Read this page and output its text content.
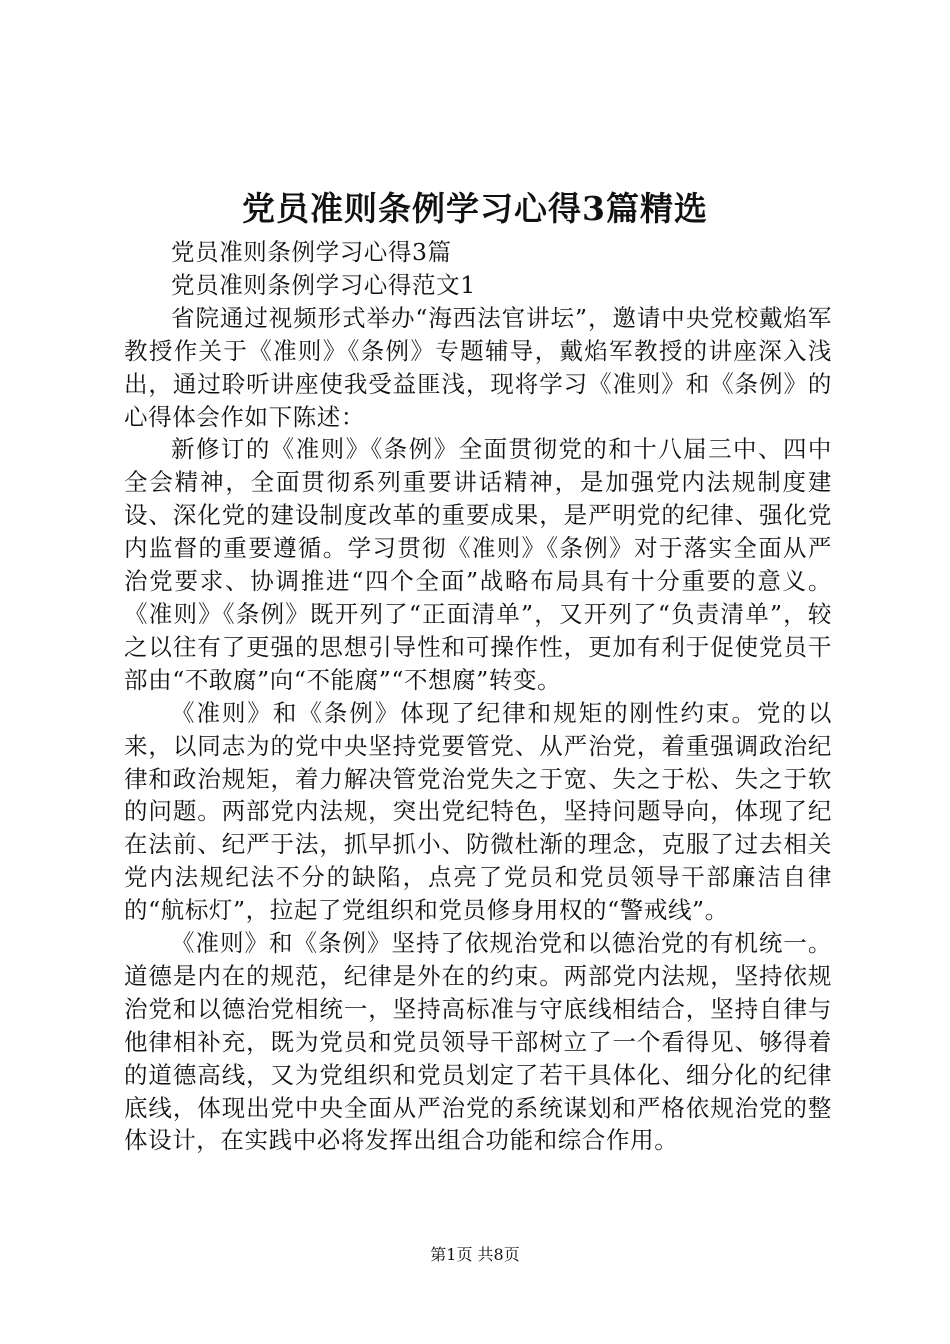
党员准则条例学习心得3篇精选

党员准则条例学习心得3篇

党员准则条例学习心得范文1

省院通过视频形式举办“海西法官讲坛”，邀请中央党校戴焰军教授作关于《准则》《条例》专题辅导，戴焰军教授的讲座深入浅出，通过聆听讲座使我受益匪浅，现将学习《准则》和《条例》的心得体会作如下陈述：

新修订的《准则》《条例》全面贯彻党的和十八届三中、四中全会精神，全面贯彻系列重要讲话精神，是加强党内法规制度建设、深化党的建设制度改革的重要成果，是严明党的纪律、强化党内监督的重要遵循。学习贯彻《准则》《条例》对于落实全面从严治党要求、协调推进“四个全面”战略布局具有十分重要的意义。《准则》《条例》既开列了“正面清单”，又开列了“负责清单”，较之以往有了更强的思想引导性和可操作性，更加有利于促使党员干部由“不敢腐”向“不能腐”“不想腐”转变。

《准则》和《条例》体现了纪律和规矩的刚性约束。党的以来，以同志为的党中央坚持党要管党、从严治党，着重强调政治纪律和政治规矩，着力解决管党治党失之于宽、失之于松、失之于软的问题。两部党内法规，突出党纪特色，坚持问题导向，体现了纪在法前、纪严于法，抓早抓小、防微杜渐的理念，克服了过去相关党内法规纪法不分的缺陷，点亮了党员和党员领导干部廉洁自律的“航标灯”，拉起了党组织和党员修身用权的“警戒线”。

《准则》和《条例》坚持了依规治党和以德治党的有机统一。道德是内在的规范，纪律是外在的约束。两部党内法规，坚持依规治党和以德治党相统一，坚持高标准与守底线相结合，坚持自律与他律相补充，既为党员和党员领导干部树立了一个看得见、够得着的道德高线，又为党组织和党员划定了若干具体化、细分化的纪律底线，体现出党中央全面从严治党的系统谋划和严格依规治党的整体设计，在实践中必将发挥出组合功能和综合作用。

第1页 共8页
